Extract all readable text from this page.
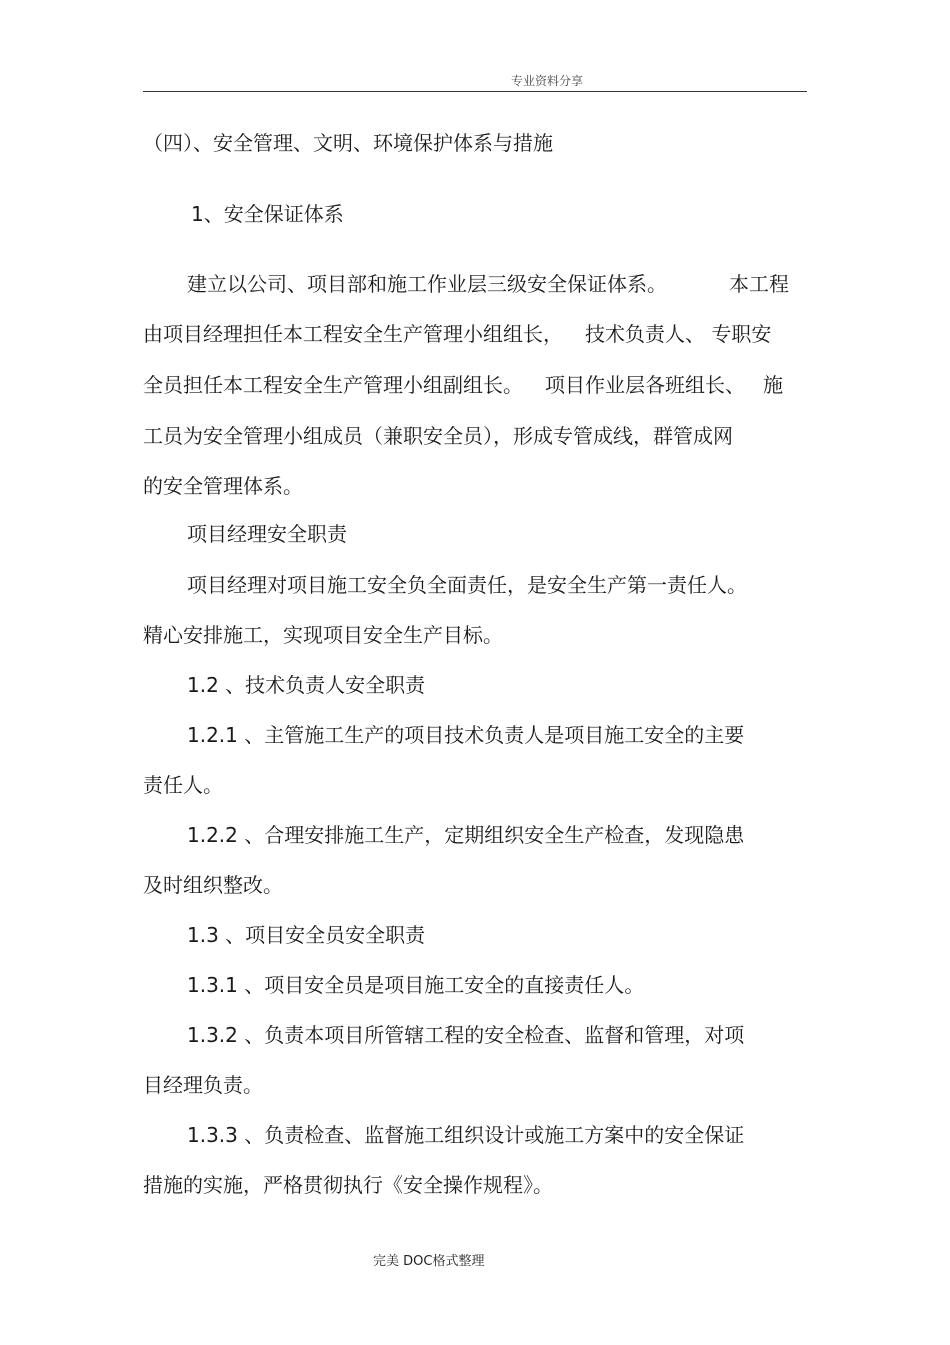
专业资料分享
（四）、安全管理、文明、环境保护体系与措施
1、安全保证体系
建立以公司、项目部和施工作业层三级安全保证体系。	本工程
由项目经理担任本工程安全生产管理小组组长， 技术负责人、 专职安
全员担任本工程安全生产管理小组副组长。 项目作业层各班组长、 施
工员为安全管理小组成员（兼职安全员），形成专管成线，群管成网
的安全管理体系。
项目经理安全职责
项目经理对项目施工安全负全面责任，是安全生产第一责任人。
精心安排施工，实现项目安全生产目标。
1.2 、技术负责人安全职责
1.2.1 、主管施工生产的项目技术负责人是项目施工安全的主要
责任人。
1.2.2 、合理安排施工生产，定期组织安全生产检查，发现隐患
及时组织整改。
1.3 、项目安全员安全职责
1.3.1 、项目安全员是项目施工安全的直接责任人。
1.3.2 、负责本项目所管辖工程的安全检查、监督和管理，对项
目经理负责。
1.3.3 、负责检查、监督施工组织设计或施工方案中的安全保证
措施的实施，严格贯彻执行《安全操作规程》。
完美 DOC格式整理
